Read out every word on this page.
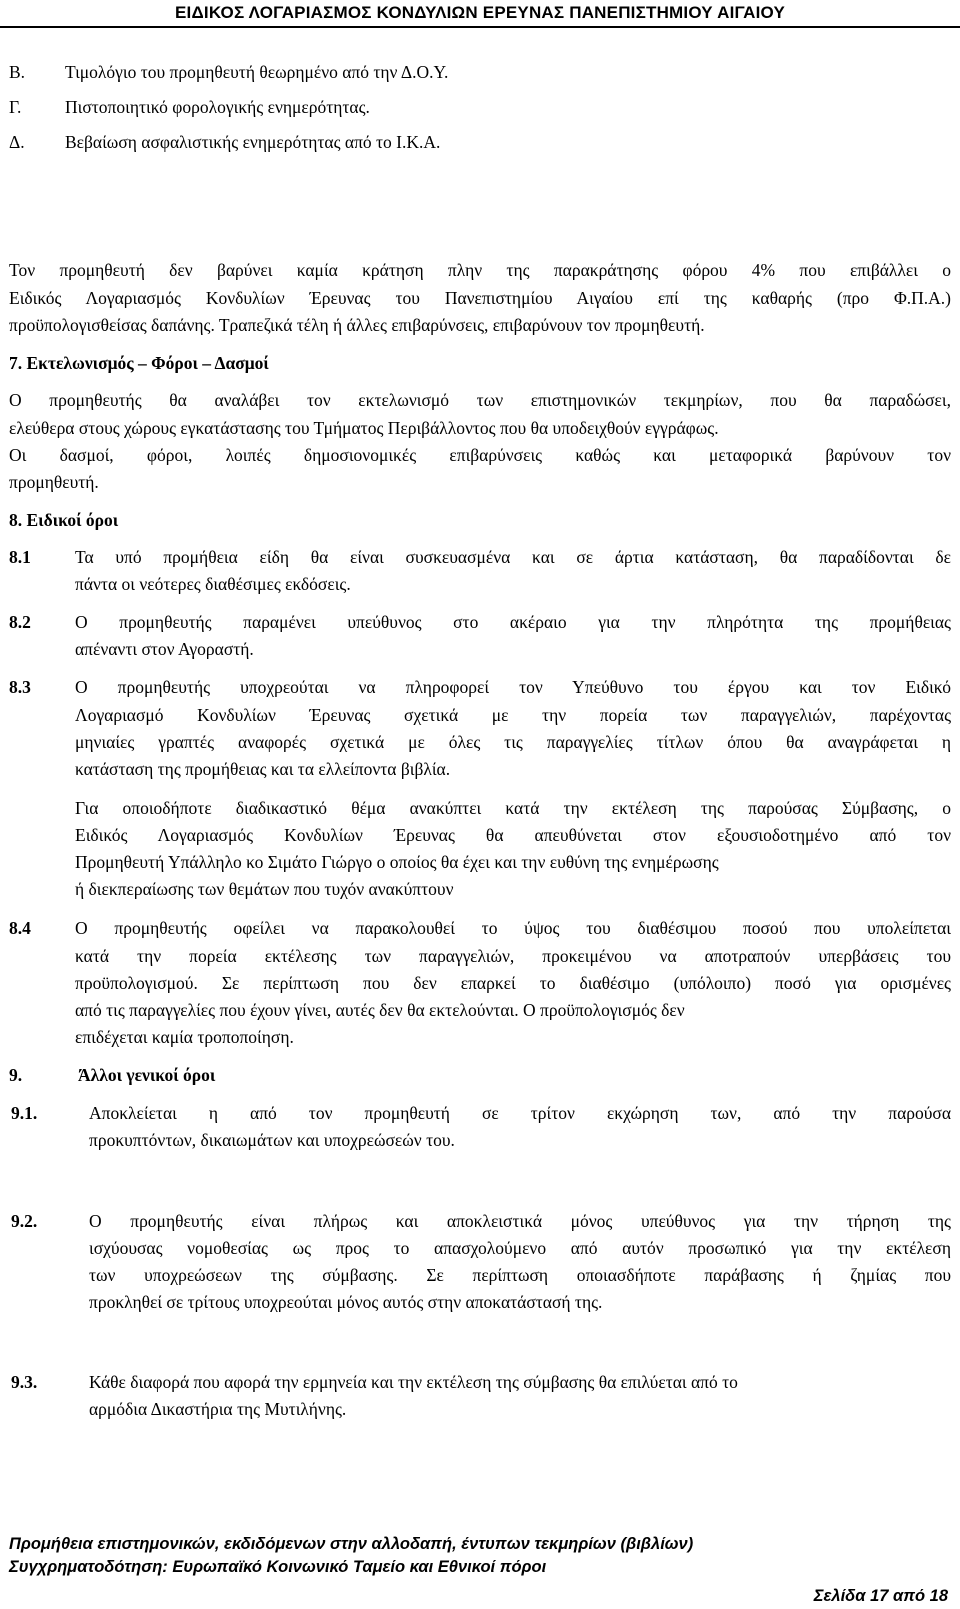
ΕΙΔΙΚΟΣ ΛΟΓΑΡΙΑΣΜΟΣ ΚΟΝΔΥΛΙΩΝ ΕΡΕΥΝΑΣ ΠΑΝΕΠΙΣΤΗΜΙΟΥ ΑΙΓΑΙΟΥ
Β. Τιμολόγιο του προμηθευτή θεωρημένο από την Δ.Ο.Υ.
Γ. Πιστοποιητικό φορολογικής ενημερότητας.
Δ. Βεβαίωση ασφαλιστικής ενημερότητας από το Ι.Κ.Α.
Τον προμηθευτή δεν βαρύνει καμία κράτηση πλην της παρακράτησης φόρου 4% που επιβάλλει ο
Ειδικός Λογαριασμός Κονδυλίων Έρευνας του Πανεπιστημίου Αιγαίου επί της καθαρής (προ Φ.Π.Α.)
προϋπολογισθείσας δαπάνης. Τραπεζικά τέλη ή άλλες επιβαρύνσεις, επιβαρύνουν τον προμηθευτή.
7. Εκτελωνισμός – Φόροι – Δασμοί
Ο προμηθευτής θα αναλάβει τον εκτελωνισμό των επιστημονικών τεκμηρίων, που θα παραδώσει,
ελεύθερα στους χώρους εγκατάστασης του Τμήματος Περιβάλλοντος που θα υποδειχθούν εγγράφως.
Οι δασμοί, φόροι, λοιπές δημοσιονομικές επιβαρύνσεις καθώς και μεταφορικά βαρύνουν τον
προμηθευτή.
8. Ειδικοί όροι
8.1	Τα υπό προμήθεια είδη θα είναι συσκευασμένα και σε άρτια κατάσταση, θα παραδίδονται δε
πάντα οι νεότερες διαθέσιμες εκδόσεις.
8.2	Ο προμηθευτής παραμένει υπεύθυνος στο ακέραιο για την πληρότητα της προμήθειας
απέναντι στον Αγοραστή.
8.3	Ο προμηθευτής υποχρεούται να πληροφορεί τον Υπεύθυνο του έργου και τον Ειδικό
Λογαριασμό Κονδυλίων Έρευνας σχετικά με την πορεία των παραγγελιών, παρέχοντας
μηνιαίες γραπτές αναφορές σχετικά με όλες τις παραγγελίες τίτλων όπου θα αναγράφεται η
κατάσταση της προμήθειας και τα ελλείποντα βιβλία.
Για οποιοδήποτε διαδικαστικό θέμα ανακύπτει κατά την εκτέλεση της παρούσας Σύμβασης, ο
Ειδικός Λογαριασμός Κονδυλίων Έρευνας θα απευθύνεται στον εξουσιοδοτημένο από τον
Προμηθευτή Υπάλληλο κο Σιμάτο Γιώργο ο οποίος θα έχει και την ευθύνη της ενημέρωσης
ή διεκπεραίωσης των θεμάτων που τυχόν ανακύπτουν
8.4	Ο προμηθευτής οφείλει να παρακολουθεί το ύψος του διαθέσιμου ποσού που υπολείπεται
κατά την πορεία εκτέλεσης των παραγγελιών, προκειμένου να αποτραπούν υπερβάσεις του
προϋπολογισμού. Σε περίπτωση που δεν επαρκεί το διαθέσιμο (υπόλοιπο) ποσό για ορισμένες
από τις παραγγελίες που έχουν γίνει, αυτές δεν θα εκτελούνται. Ο προϋπολογισμός δεν
επιδέχεται καμία τροποποίηση.
9.	Άλλοι γενικοί όροι
9.1.	Αποκλείεται η από τον προμηθευτή σε τρίτον εκχώρηση των, από την παρούσα
προκυπτόντων, δικαιωμάτων και υποχρεώσεών του.
9.2.	Ο προμηθευτής είναι πλήρως και αποκλειστικά μόνος υπεύθυνος για την τήρηση της
ισχύουσας νομοθεσίας ως προς το απασχολούμενο από αυτόν προσωπικό για την εκτέλεση
των υποχρεώσεων της σύμβασης. Σε περίπτωση οποιασδήποτε παράβασης ή ζημίας που
προκληθεί σε τρίτους υποχρεούται μόνος αυτός στην αποκατάστασή της.
9.3.	Κάθε διαφορά που αφορά την ερμηνεία και την εκτέλεση της σύμβασης θα επιλύεται από το
αρμόδια Δικαστήρια της Μυτιλήνης.
Προμήθεια επιστημονικών, εκδιδόμενων στην αλλοδαπή, έντυπων τεκμηρίων (βιβλίων)
Συγχρηματοδότηση: Ευρωπαϊκό Κοινωνικό Ταμείο και Εθνικοί πόροι
Σελίδα 17 από 18
